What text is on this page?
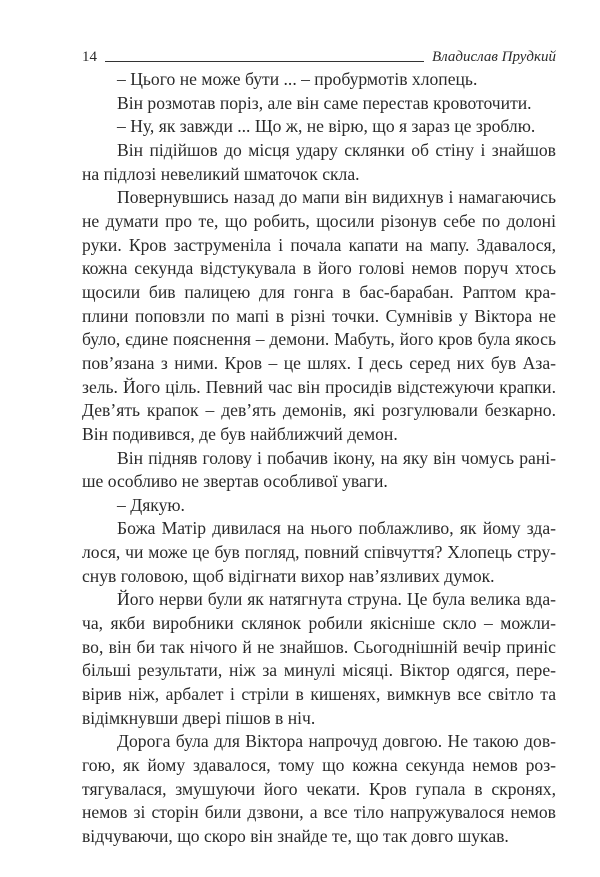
14	Владислав Прудкий
– Цього не може бути ... – пробурмотів хлопець.
Він розмотав поріз, але він саме перестав кровоточити.
– Ну, як завжди ... Що ж, не вірю, що я зараз це зроблю.
Він підійшов до місця удару склянки об стіну і знайшов
на підлозі невеликий шматочок скла.
Повернувшись назад до мапи він видихнув і намагаючись
не думати про те, що робить, щосили різонув себе по долоні
руки. Кров заструменіла і почала капати на мапу. Здавалося,
кожна секунда відстукувала в його голові немов поруч хтось
щосили бив палицею для гонга в бас-барабан. Раптом кра-
плини поповзли по мапі в різні точки. Сумнівів у Віктора не
було, єдине пояснення – демони. Мабуть, його кров була якось
пов’язана з ними. Кров – це шлях. І десь серед них був Аза-
зель. Його ціль. Певний час він просидів відстежуючи крапки.
Дев’ять крапок – дев’ять демонів, які розгулювали безкарно.
Він подивився, де був найближчий демон.
Він підняв голову і побачив ікону, на яку він чомусь рані-
ше особливо не звертав особливої уваги.
– Дякую.
Божа Матір дивилася на нього поблажливо, як йому зда-
лося, чи може це був погляд, повний співчуття? Хлопець стру-
снув головою, щоб відігнати вихор нав’язливих думок.
Його нерви були як натягнута струна. Це була велика вда-
ча, якби виробники склянок робили якісніше скло – можли-
во, він би так нічого й не знайшов. Сьогоднішній вечір приніс
більші результати, ніж за минулі місяці. Віктор одягся, пере-
вірив ніж, арбалет і стріли в кишенях, вимкнув все світло та
відімкнувши двері пішов в ніч.
Дорога була для Віктора напрочуд довгою. Не такою дов-
гою, як йому здавалося, тому що кожна секунда немов роз-
тягувалася, змушуючи його чекати. Кров гупала в скронях,
немов зі сторін били дзвони, а все тіло напружувалося немов
відчуваючи, що скоро він знайде те, що так довго шукав.
